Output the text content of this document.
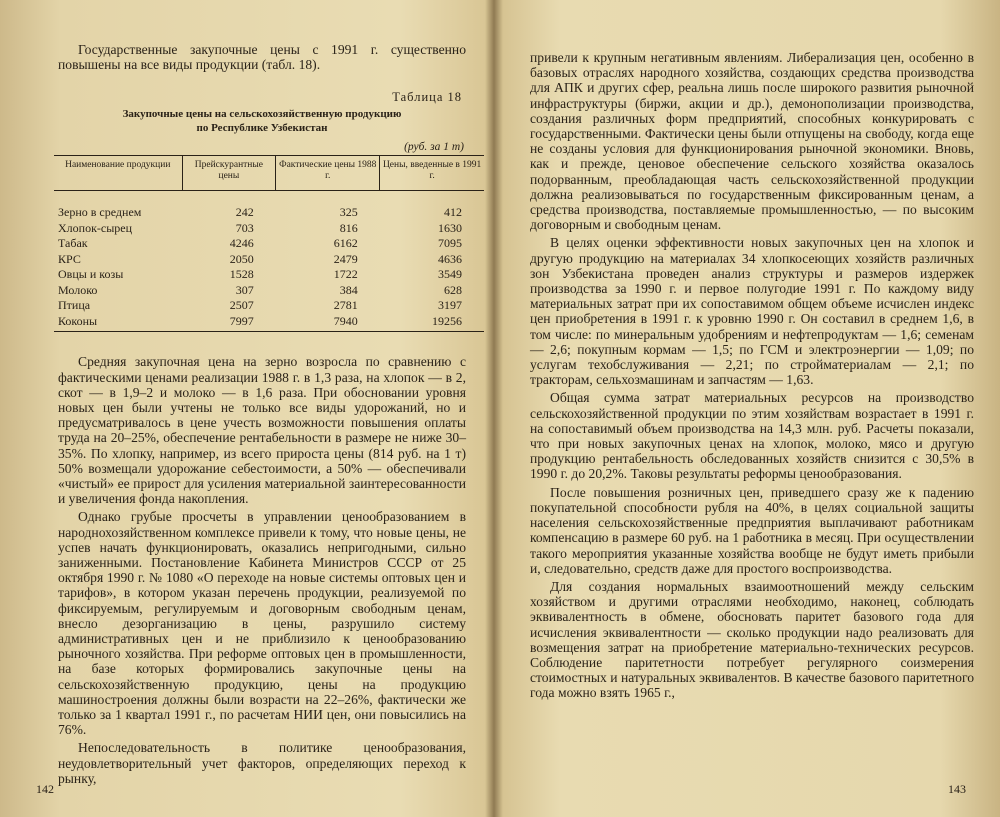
Государственные закупочные цены с 1991 г. существенно повышены на все виды продукции (табл. 18).

Таблица 18
Закупочные цены на сельскохозяйственную продукцию
по Республике Узбекистан
(руб. за 1 т)
Наименование продукции	Прейскурантные цены	Фактические цены 1988 г.	Цены, введенные в 1991 г.
Зерно в среднем	242	325	412
Хлопок-сырец	703	816	1630
Табак	4246	6162	7095
КРС	2050	2479	4636
Овцы и козы	1528	1722	3549
Молоко	307	384	628
Птица	2507	2781	3197
Коконы	7997	7940	19256

Средняя закупочная цена на зерно возросла по сравнению с фактическими ценами реализации 1988 г. в 1,3 раза, на хлопок — в 2, скот — в 1,9–2 и молоко — в 1,6 раза. При обосновании уровня новых цен были учтены не только все виды удорожаний, но и предусматривалось в цене учесть возможности повышения оплаты труда на 20–25%, обеспечение рентабельности в размере не ниже 30–35%. По хлопку, например, из всего прироста цены (814 руб. на 1 т) 50% возмещали удорожание себестоимости, а 50% — обеспечивали «чистый» ее прирост для усиления материальной заинтересованности и увеличения фонда накопления.

Однако грубые просчеты в управлении ценообразованием в народнохозяйственном комплексе привели к тому, что новые цены, не успев начать функционировать, оказались непригодными, сильно заниженными. Постановление Кабинета Министров СССР от 25 октября 1990 г. № 1080 «О переходе на новые системы оптовых цен и тарифов», в котором указан перечень продукции, реализуемой по фиксируемым, регулируемым и договорным свободным ценам, внесло дезорганизацию в цены, разрушило систему административных цен и не приблизило к ценообразованию рыночного хозяйства. При реформе оптовых цен в промышленности, на базе которых формировались закупочные цены на сельскохозяйственную продукцию, цены на продукцию машиностроения должны были возрасти на 22–26%, фактически же только за 1 квартал 1991 г., по расчетам НИИ цен, они повысились на 76%.

Непоследовательность в политике ценообразования, неудовлетворительный учет факторов, определяющих переход к рынку,

142

привели к крупным негативным явлениям. Либерализация цен, особенно в базовых отраслях народного хозяйства, создающих средства производства для АПК и других сфер, реальна лишь после широкого развития рыночной инфраструктуры (биржи, акции и др.), демонополизации производства, создания различных форм предприятий, способных конкурировать с государственными. Фактически цены были отпущены на свободу, когда еще не созданы условия для функционирования рыночной экономики. Вновь, как и прежде, ценовое обеспечение сельского хозяйства оказалось подорванным, преобладающая часть сельскохозяйственной продукции должна реализовываться по государственным фиксированным ценам, а средства производства, поставляемые промышленностью, — по высоким договорным и свободным ценам.

В целях оценки эффективности новых закупочных цен на хлопок и другую продукцию на материалах 34 хлопкосеющих хозяйств различных зон Узбекистана проведен анализ структуры и размеров издержек производства за 1990 г. и первое полугодие 1991 г. По каждому виду материальных затрат при их сопоставимом общем объеме исчислен индекс цен приобретения в 1991 г. к уровню 1990 г. Он составил в среднем 1,6, в том числе: по минеральным удобрениям и нефтепродуктам — 1,6; семенам — 2,6; покупным кормам — 1,5; по ГСМ и электроэнергии — 1,09; по услугам техобслуживания — 2,21; по стройматериалам — 2,1; по тракторам, сельхозмашинам и запчастям — 1,63.

Общая сумма затрат материальных ресурсов на производство сельскохозяйственной продукции по этим хозяйствам возрастает в 1991 г. на сопоставимый объем производства на 14,3 млн. руб. Расчеты показали, что при новых закупочных ценах на хлопок, молоко, мясо и другую продукцию рентабельность обследованных хозяйств снизится с 30,5% в 1990 г. до 20,2%. Таковы результаты реформы ценообразования.

После повышения розничных цен, приведшего сразу же к падению покупательной способности рубля на 40%, в целях социальной защиты населения сельскохозяйственные предприятия выплачивают работникам компенсацию в размере 60 руб. на 1 работника в месяц. При осуществлении такого мероприятия указанные хозяйства вообще не будут иметь прибыли и, следовательно, средств даже для простого воспроизводства.

Для создания нормальных взаимоотношений между сельским хозяйством и другими отраслями необходимо, наконец, соблюдать эквивалентность в обмене, обосновать паритет базового года для исчисления эквивалентности — сколько продукции надо реализовать для возмещения затрат на приобретение материально-технических ресурсов. Соблюдение паритетности потребует регулярного соизмерения стоимостных и натуральных эквивалентов. В качестве базового паритетного года можно взять 1965 г.,

143
